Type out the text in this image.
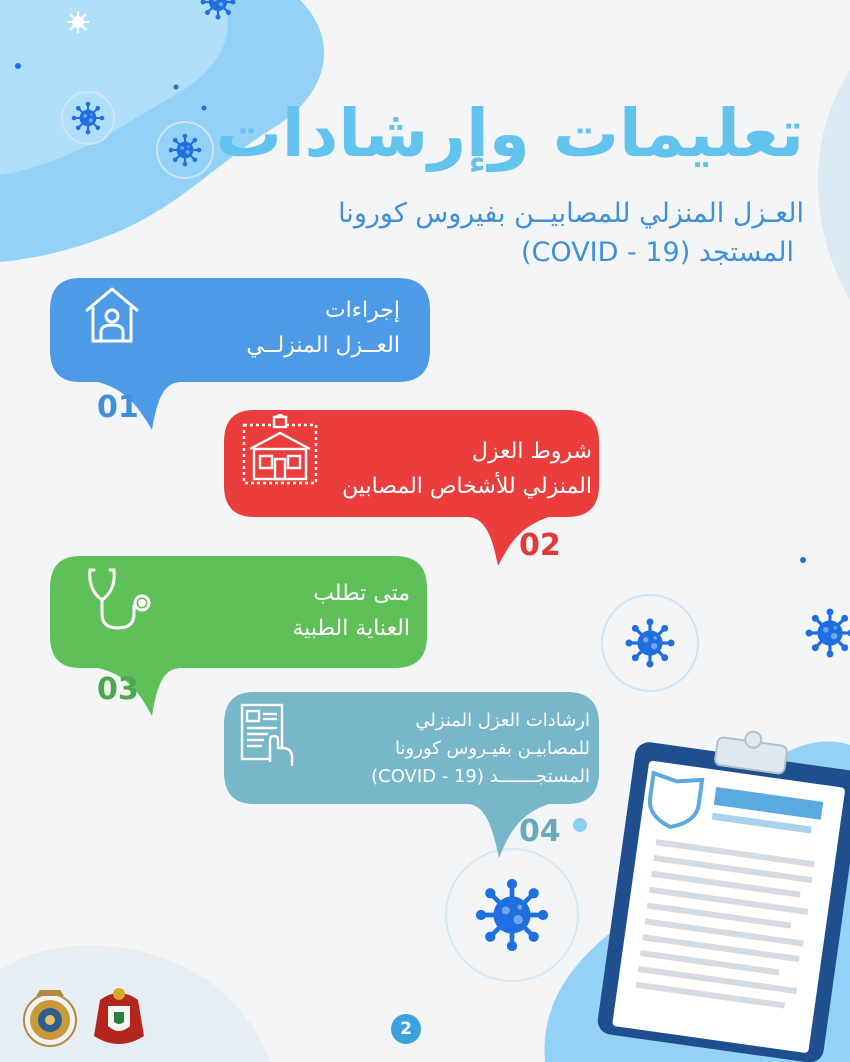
تعليمات وإرشادات
العـزل المنزلي للمصابيــن بفيروس كورونا
المستجد (COVID - 19)
إجراءات
العــزل المنزلــي
01
شروط العزل
المنزلي للأشخاص المصابين
02
متى تطلب
العناية الطبية
03
ارشادات العزل المنزلي
للمصابيـن بفيـروس كورونا
المستجـــــــد (COVID - 19)
04
2
